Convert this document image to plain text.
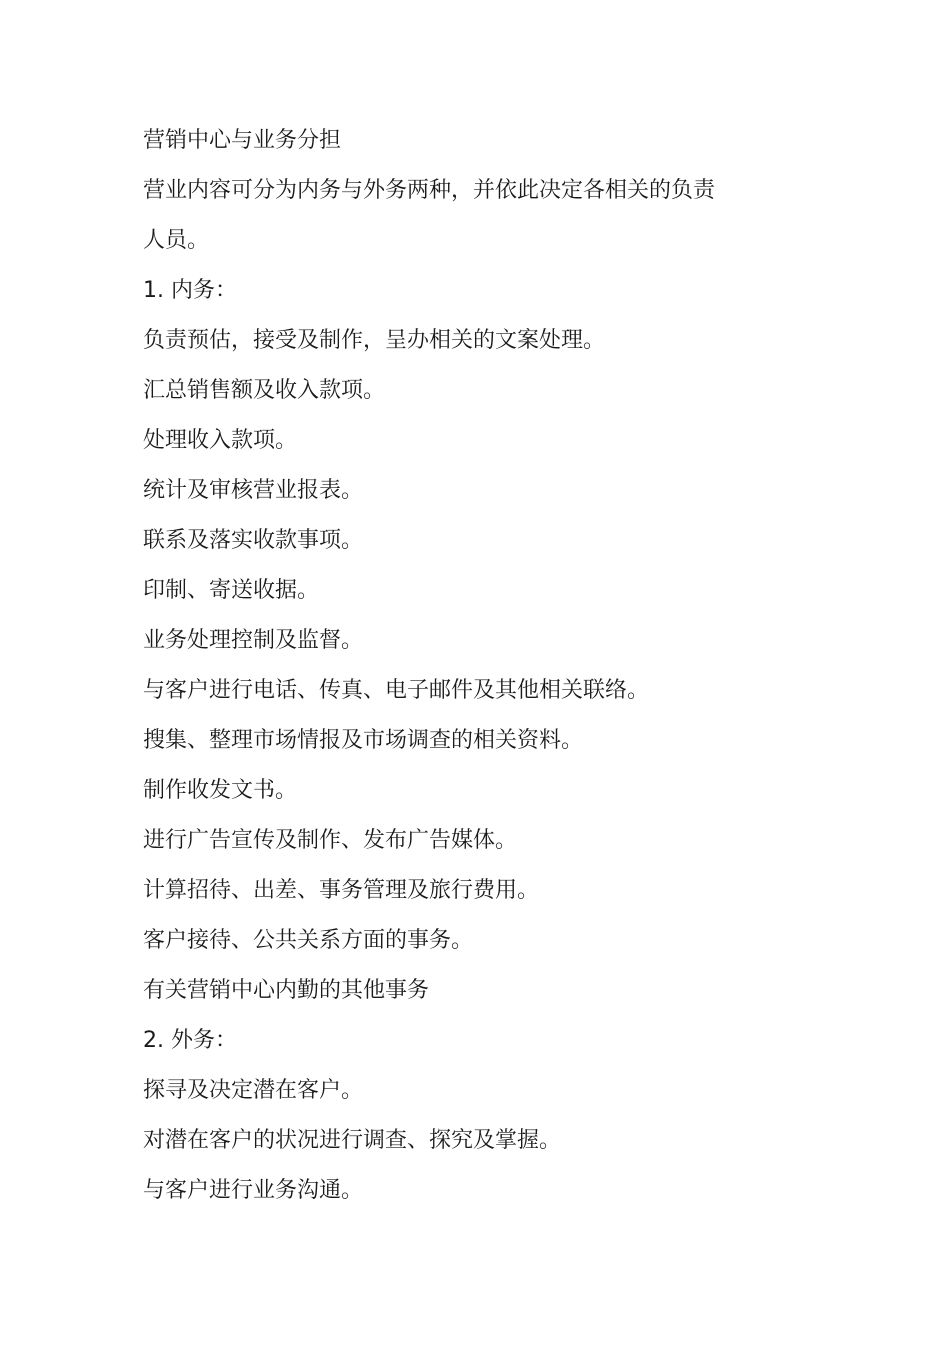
营销中心与业务分担

营业内容可分为内务与外务两种，并依此决定各相关的负责

人员。

1. 内务：

负责预估，接受及制作，呈办相关的文案处理。

汇总销售额及收入款项。

处理收入款项。

统计及审核营业报表。

联系及落实收款事项。

印制、寄送收据。

业务处理控制及监督。

与客户进行电话、传真、电子邮件及其他相关联络。

搜集、整理市场情报及市场调查的相关资料。

制作收发文书。

进行广告宣传及制作、发布广告媒体。

计算招待、出差、事务管理及旅行费用。

客户接待、公共关系方面的事务。

有关营销中心内勤的其他事务

2. 外务：

探寻及决定潜在客户。

对潜在客户的状况进行调查、探究及掌握。

与客户进行业务沟通。
